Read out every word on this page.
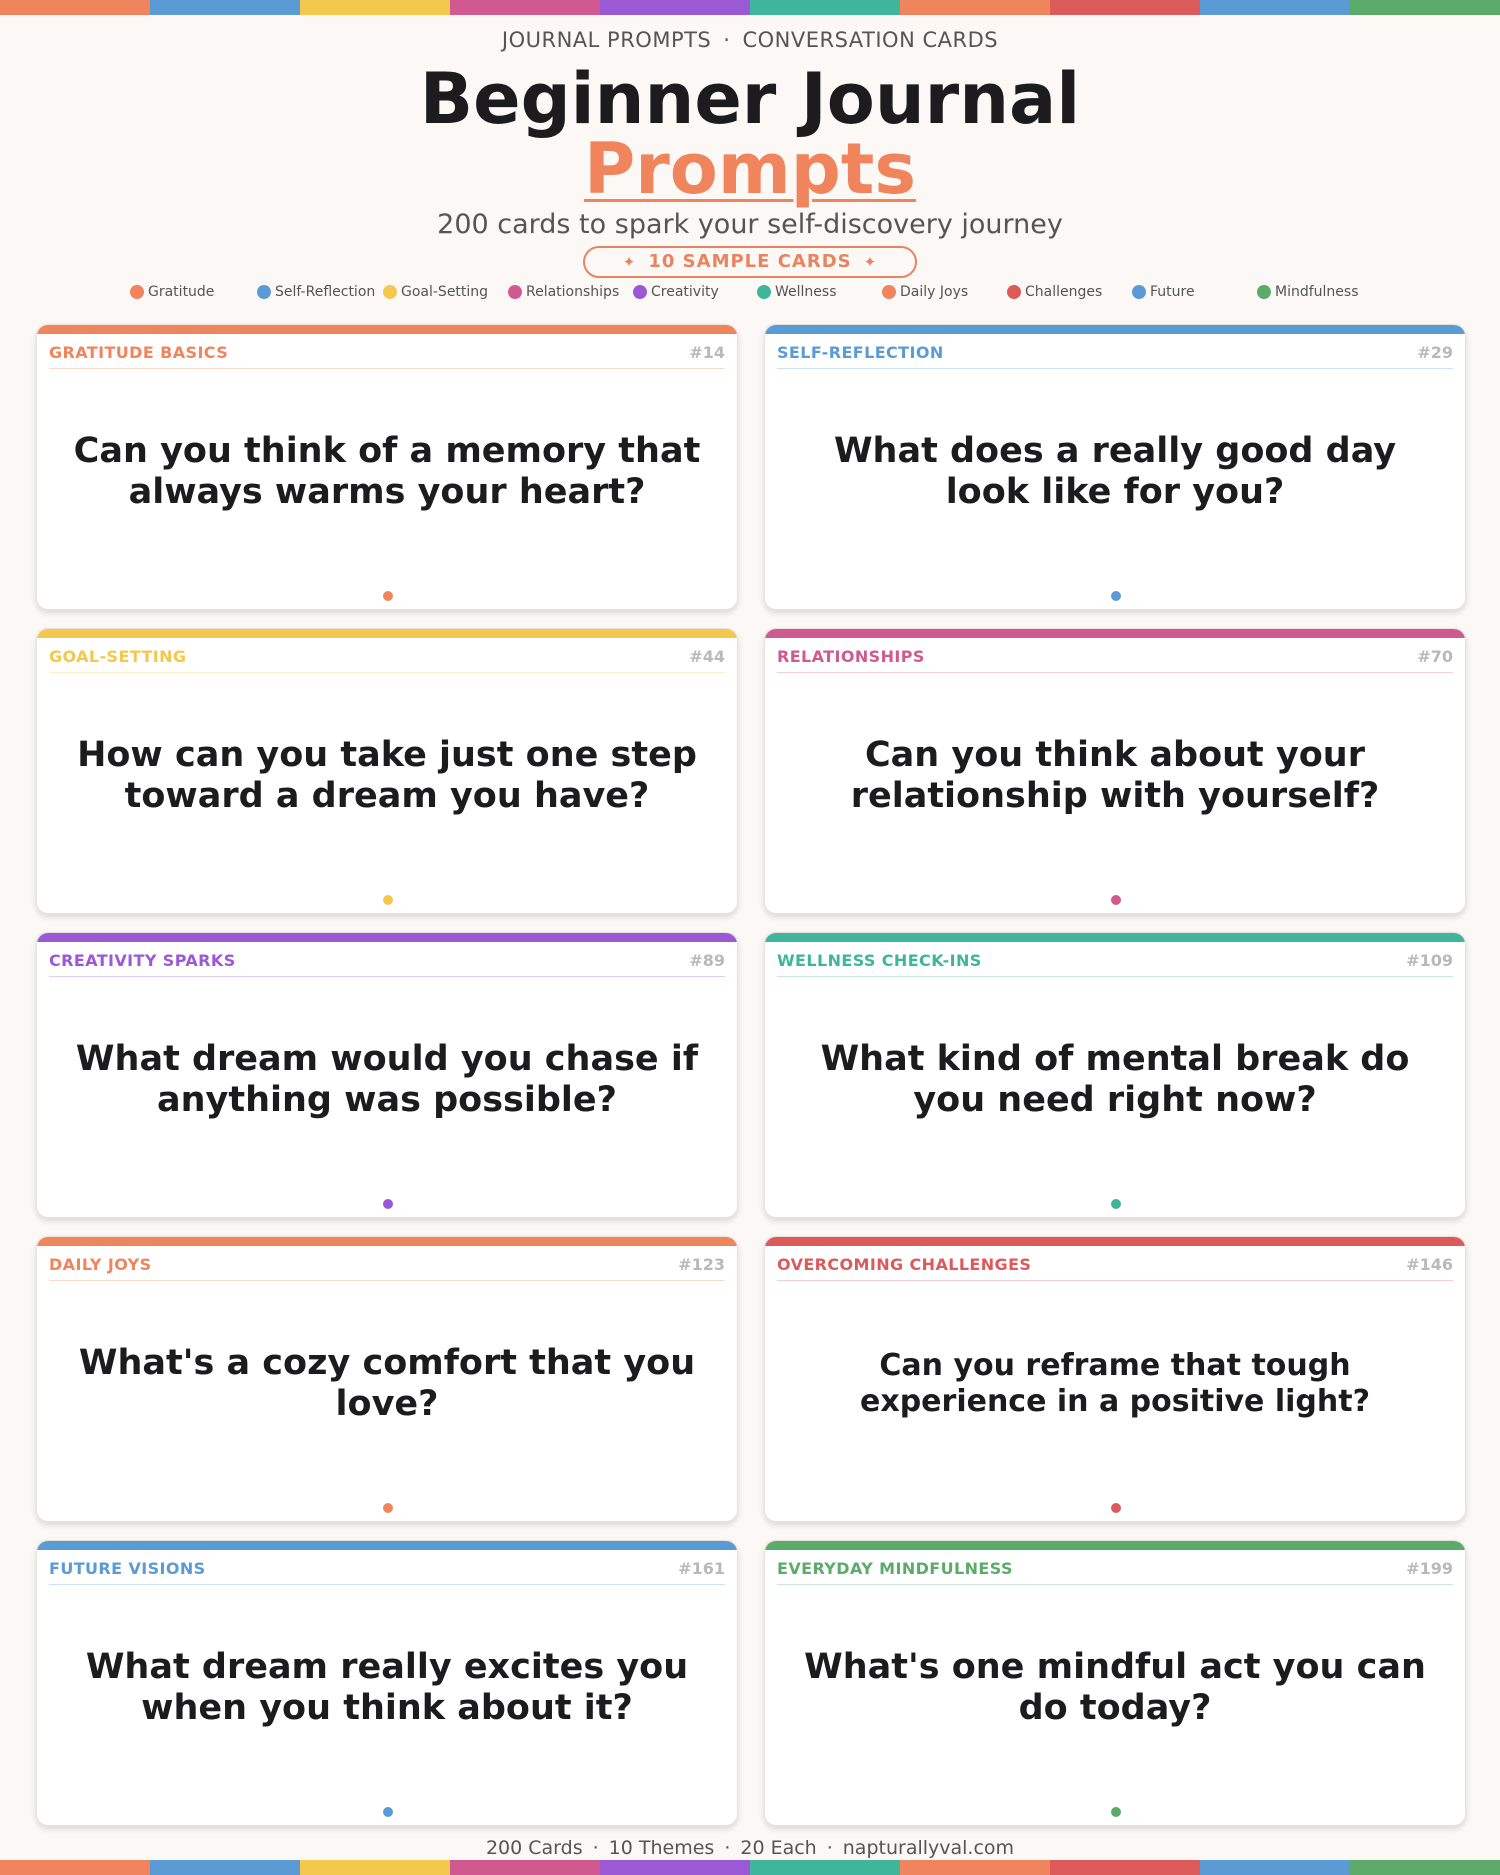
JOURNAL PROMPTS · CONVERSATION CARDS
Beginner Journal
Prompts
200 cards to spark your self-discovery journey
✦ 10 SAMPLE CARDS ✦
Gratitude	Self-Reflection Goal-Setting	Relationships Creativity	Wellness	Daily Joys	Challenges	Future	Mindfulness
GRATITUDE BASICS	#14
Can you think of a memory that always warms your heart?
SELF-REFLECTION	#29
What does a really good day look like for you?
GOAL-SETTING	#44
How can you take just one step toward a dream you have?
RELATIONSHIPS	#70
Can you think about your relationship with yourself?
CREATIVITY SPARKS	#89
What dream would you chase if anything was possible?
WELLNESS CHECK-INS	#109
What kind of mental break do you need right now?
DAILY JOYS	#123
What's a cozy comfort that you love?
OVERCOMING CHALLENGES	#146
Can you reframe that tough experience in a positive light?
FUTURE VISIONS	#161
What dream really excites you when you think about it?
EVERYDAY MINDFULNESS	#199
What's one mindful act you can do today?
200 Cards · 10 Themes · 20 Each · napturallyval.com
